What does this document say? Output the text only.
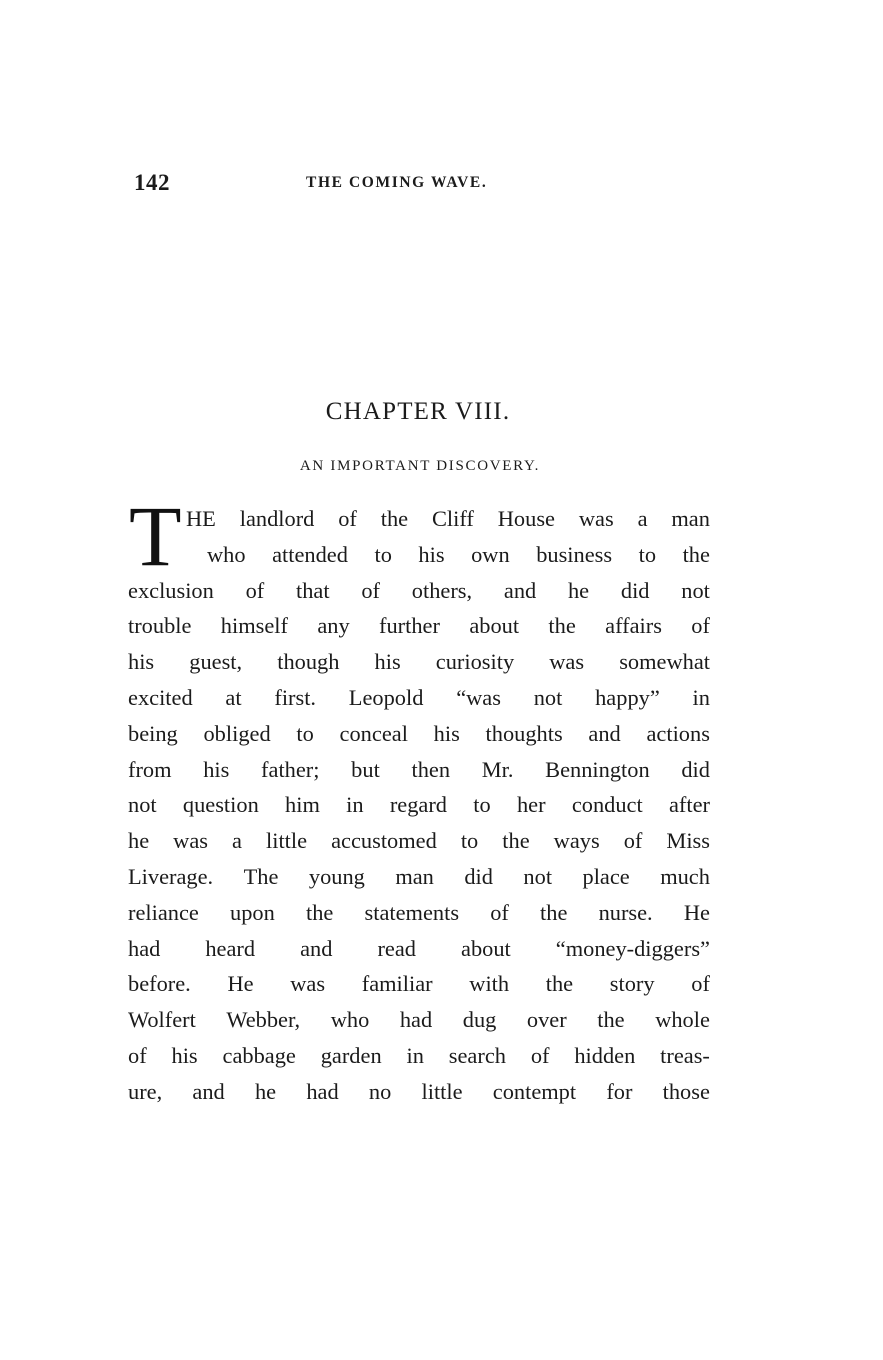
142	THE COMING WAVE.
CHAPTER VIII.
AN IMPORTANT DISCOVERY.
T HE landlord of the Cliff House was a man
who attended to his own business to the
exclusion of that of others, and he did not
trouble himself any further about the affairs of
his guest, though his curiosity was somewhat
excited at first. Leopold “was not happy” in
being obliged to conceal his thoughts and actions
from his father; but then Mr. Bennington did
not question him in regard to her conduct after
he was a little accustomed to the ways of Miss
Liverage. The young man did not place much
reliance upon the statements of the nurse. He
had heard and read about “money-diggers”
before. He was familiar with the story of
Wolfert Webber, who had dug over the whole
of his cabbage garden in search of hidden treas-
ure, and he had no little contempt for those
